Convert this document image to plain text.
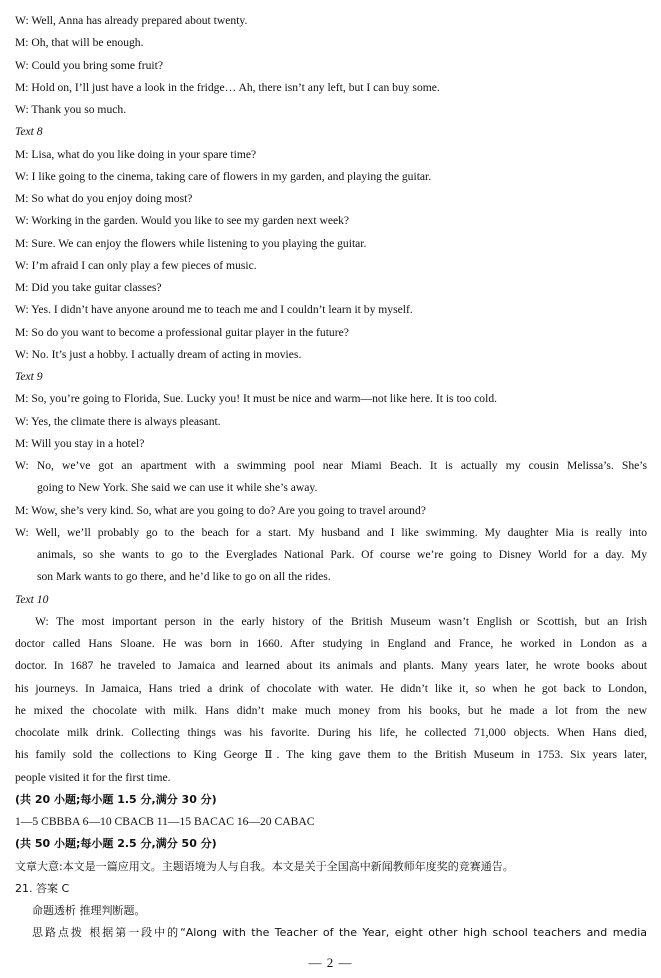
W: Well, Anna has already prepared about twenty.
M: Oh, that will be enough.
W: Could you bring some fruit?
M: Hold on, I’ll just have a look in the fridge… Ah, there isn’t any left, but I can buy some.
W: Thank you so much.
Text 8
M: Lisa, what do you like doing in your spare time?
W: I like going to the cinema, taking care of flowers in my garden, and playing the guitar.
M: So what do you enjoy doing most?
W: Working in the garden. Would you like to see my garden next week?
M: Sure. We can enjoy the flowers while listening to you playing the guitar.
W: I’m afraid I can only play a few pieces of music.
M: Did you take guitar classes?
W: Yes. I didn’t have anyone around me to teach me and I couldn’t learn it by myself.
M: So do you want to become a professional guitar player in the future?
W: No. It’s just a hobby. I actually dream of acting in movies.
Text 9
M: So, you’re going to Florida, Sue. Lucky you! It must be nice and warm—not like here. It is too cold.
W: Yes, the climate there is always pleasant.
M: Will you stay in a hotel?
W: No, we’ve got an apartment with a swimming pool near Miami Beach. It is actually my cousin Melissa’s. She’s
going to New York. She said we can use it while she’s away.
M: Wow, she’s very kind. So, what are you going to do? Are you going to travel around?
W: Well, we’ll probably go to the beach for a start. My husband and I like swimming. My daughter Mia is really into
animals, so she wants to go to the Everglades National Park. Of course we’re going to Disney World for a day. My
son Mark wants to go there, and he’d like to go on all the rides.
Text 10
W: The most important person in the early history of the British Museum wasn’t English or Scottish, but an Irish
doctor called Hans Sloane. He was born in 1660. After studying in England and France, he worked in London as a
doctor. In 1687 he traveled to Jamaica and learned about its animals and plants. Many years later, he wrote books about
his journeys. In Jamaica, Hans tried a drink of chocolate with water. He didn’t like it, so when he got back to London,
he mixed the chocolate with milk. Hans didn’t make much money from his books, but he made a lot from the new
chocolate milk drink. Collecting things was his favorite. During his life, he collected 71,000 objects. When Hans died,
his family sold the collections to King George Ⅱ. The king gave them to the British Museum in 1753. Six years later,
people visited it for the first time.
(共 20 小题;每小题 1.5 分,满分 30 分)
1—5 CBBBA 6—10 CBACB 11—15 BACAC 16—20 CABAC
(共 50 小题;每小题 2.5 分,满分 50 分)
文章大意:本文是一篇应用文。主题语境为人与自我。本文是关于全国高中新闻教师年度奖的竞赛通告。
21. 答案 C
命题透析 推理判断题。
思路点拨 根据第一段中的“Along with the Teacher of the Year, eight other high school teachers and media
— 2 —
